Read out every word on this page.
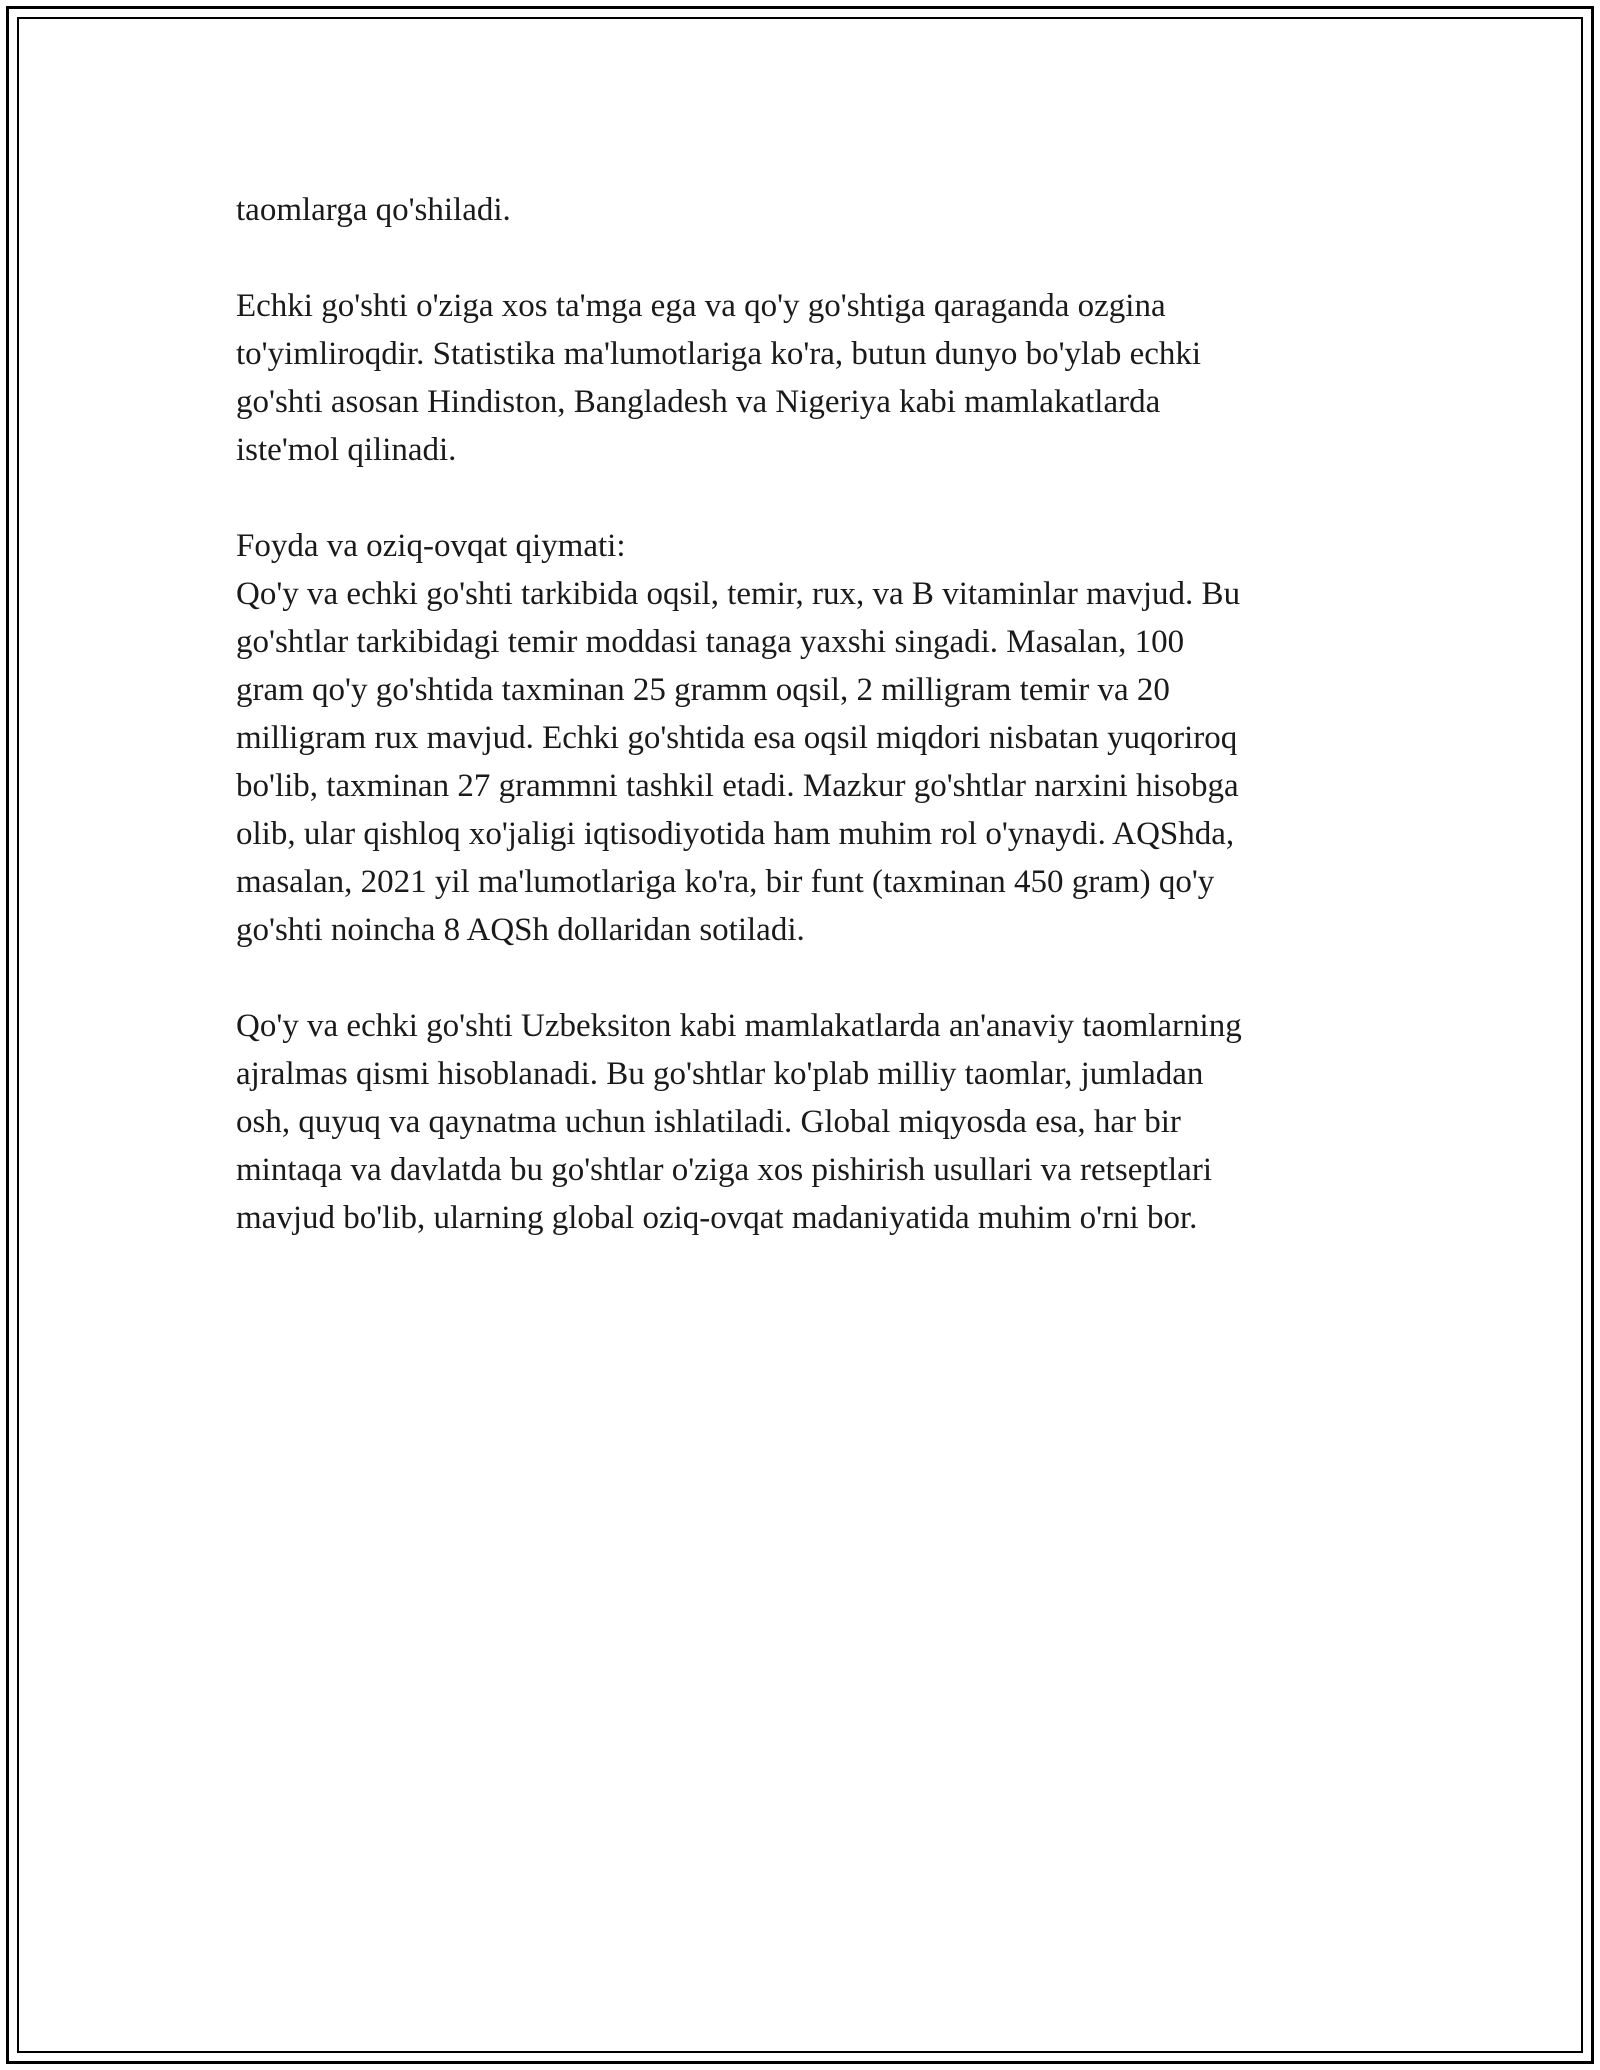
taomlarga qo'shiladi.

Echki go'shti o'ziga xos ta'mga ega va qo'y go'shtiga qaraganda ozgina
to'yimliroqdir. Statistika ma'lumotlariga ko'ra, butun dunyo bo'ylab echki
go'shti asosan Hindiston, Bangladesh va Nigeriya kabi mamlakatlarda
iste'mol qilinadi.

Foyda va oziq-ovqat qiymati:
Qo'y va echki go'shti tarkibida oqsil, temir, rux, va B vitaminlar mavjud. Bu
go'shtlar tarkibidagi temir moddasi tanaga yaxshi singadi. Masalan, 100
gram qo'y go'shtida taxminan 25 gramm oqsil, 2 milligram temir va 20
milligram rux mavjud. Echki go'shtida esa oqsil miqdori nisbatan yuqoriroq
bo'lib, taxminan 27 grammni tashkil etadi. Mazkur go'shtlar narxini hisobga
olib, ular qishloq xo'jaligi iqtisodiyotida ham muhim rol o'ynaydi. AQShda,
masalan, 2021 yil ma'lumotlariga ko'ra, bir funt (taxminan 450 gram) qo'y
go'shti noincha 8 AQSh dollaridan sotiladi.

Qo'y va echki go'shti Uzbeksiton kabi mamlakatlarda an'anaviy taomlarning
ajralmas qismi hisoblanadi. Bu go'shtlar ko'plab milliy taomlar, jumladan
osh, quyuq va qaynatma uchun ishlatiladi. Global miqyosda esa, har bir
mintaqa va davlatda bu go'shtlar o'ziga xos pishirish usullari va retseptlari
mavjud bo'lib, ularning global oziq-ovqat madaniyatida muhim o'rni bor.
